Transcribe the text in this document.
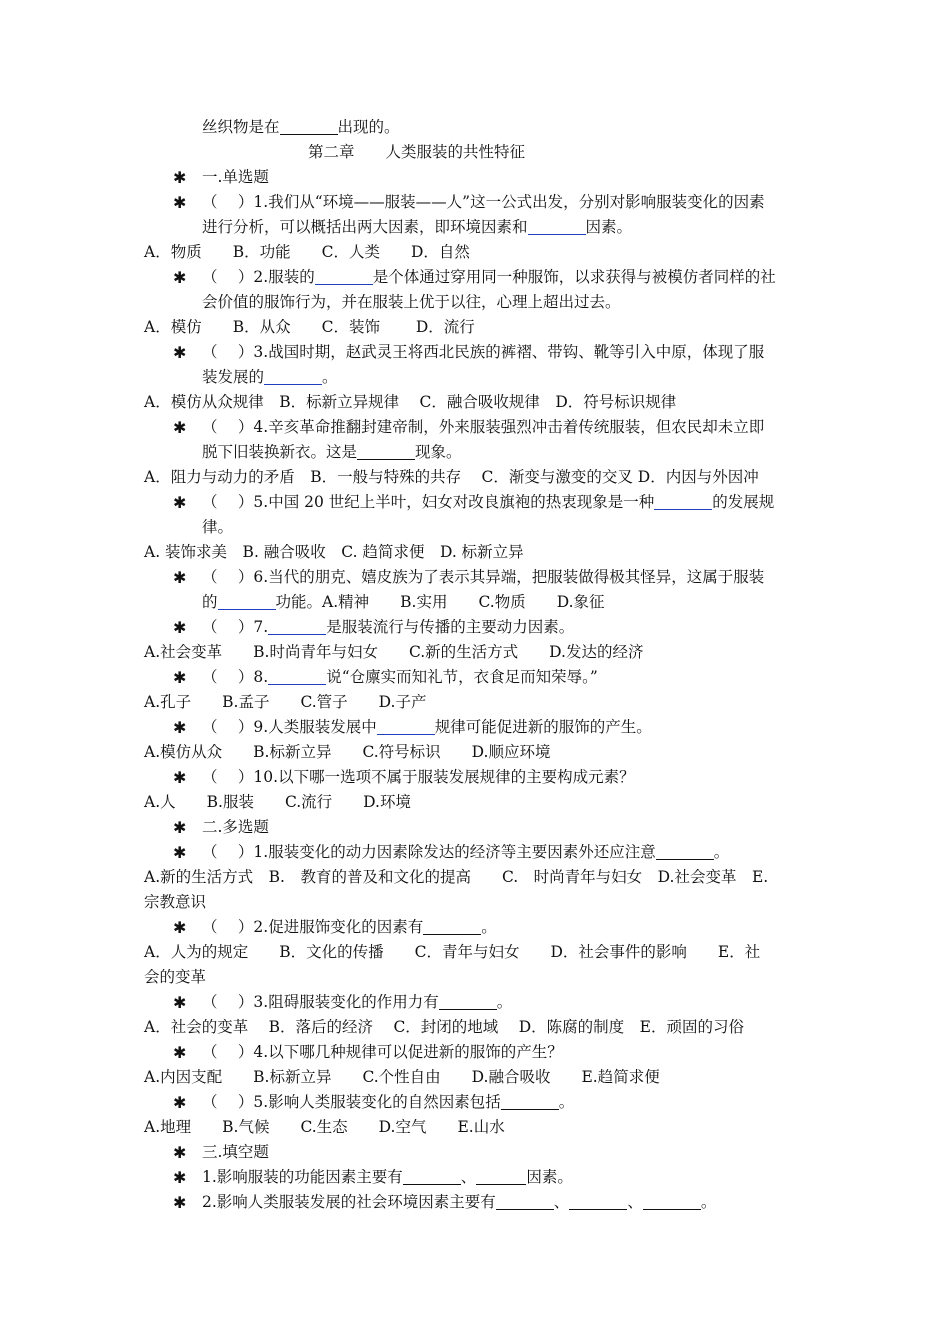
丝织物是在	出现的。
第二章　　人类服装的共性特征
✱ 一.单选题
✱ （　 ）1.我们从“环境——服装——人”这一公式出发，分别对影响服装变化的因素
进行分析，可以概括出两大因素，即环境因素和	因素。
A．物质　　B．功能　　C．人类　　D．自然
✱ （　 ）2.服装的	是个体通过穿用同一种服饰，以求获得与被模仿者同样的社
会价值的服饰行为，并在服装上优于以往，心理上超出过去。
A．模仿　　B．从众　　C．装饰　　 D．流行
✱ （　 ）3.战国时期，赵武灵王将西北民族的裤褶、带钩、靴等引入中原，体现了服
装发展的	。
A．模仿从众规律　B．标新立异规律　 C．融合吸收规律　D．符号标识规律
✱ （　 ）4.辛亥革命推翻封建帝制，外来服装强烈冲击着传统服装，但农民却未立即
脱下旧装换新衣。这是	现象。
A．阻力与动力的矛盾　B．一般与特殊的共存　 C．渐变与激变的交叉 D．内因与外因冲
✱ （　 ）5.中国 20 世纪上半叶，妇女对改良旗袍的热衷现象是一种	的发展规
律。
A. 装饰求美　B. 融合吸收　C. 趋简求便　D. 标新立异
✱ （　 ）6.当代的朋克、嬉皮族为了表示其异端，把服装做得极其怪异，这属于服装
的	功能。A.精神　　B.实用　　C.物质　　D.象征
✱ （　 ）7.	是服装流行与传播的主要动力因素。
A.社会变革　　B.时尚青年与妇女　　C.新的生活方式　　D.发达的经济
✱ （　 ）8.	说“仓廪实而知礼节，衣食足而知荣辱。”
A.孔子　　B.孟子　　C.管子　　D.子产
✱ （　 ）9.人类服装发展中	规律可能促进新的服饰的产生。
A.模仿从众　　B.标新立异　　C.符号标识　　D.顺应环境
✱ （　 ）10.以下哪一选项不属于服装发展规律的主要构成元素？
A.人　　B.服装　　C.流行　　D.环境
✱ 二.多选题
✱ （　 ）1.服装变化的动力因素除发达的经济等主要因素外还应注意	。
A.新的生活方式　B.　教育的普及和文化的提高　　C.　时尚青年与妇女　D.社会变革　E.
宗教意识
✱ （　 ）2.促进服饰变化的因素有	。
A．人为的规定　　B．文化的传播　　C．青年与妇女　　D．社会事件的影响　　E．社
会的变革
✱ （　 ）3.阻碍服装变化的作用力有	。
A．社会的变革　 B．落后的经济　 C．封闭的地域　 D．陈腐的制度　E．顽固的习俗
✱ （　 ）4.以下哪几种规律可以促进新的服饰的产生？
A.内因支配　　B.标新立异　　C.个性自由　　D.融合吸收　　E.趋简求便
✱ （　 ）5.影响人类服装变化的自然因素包括	。
A.地理　　B.气候　　C.生态　　D.空气　　E.山水
✱ 三.填空题
✱ 1.影响服装的功能因素主要有	、	因素。
✱ 2.影响人类服装发展的社会环境因素主要有	、	、	。
